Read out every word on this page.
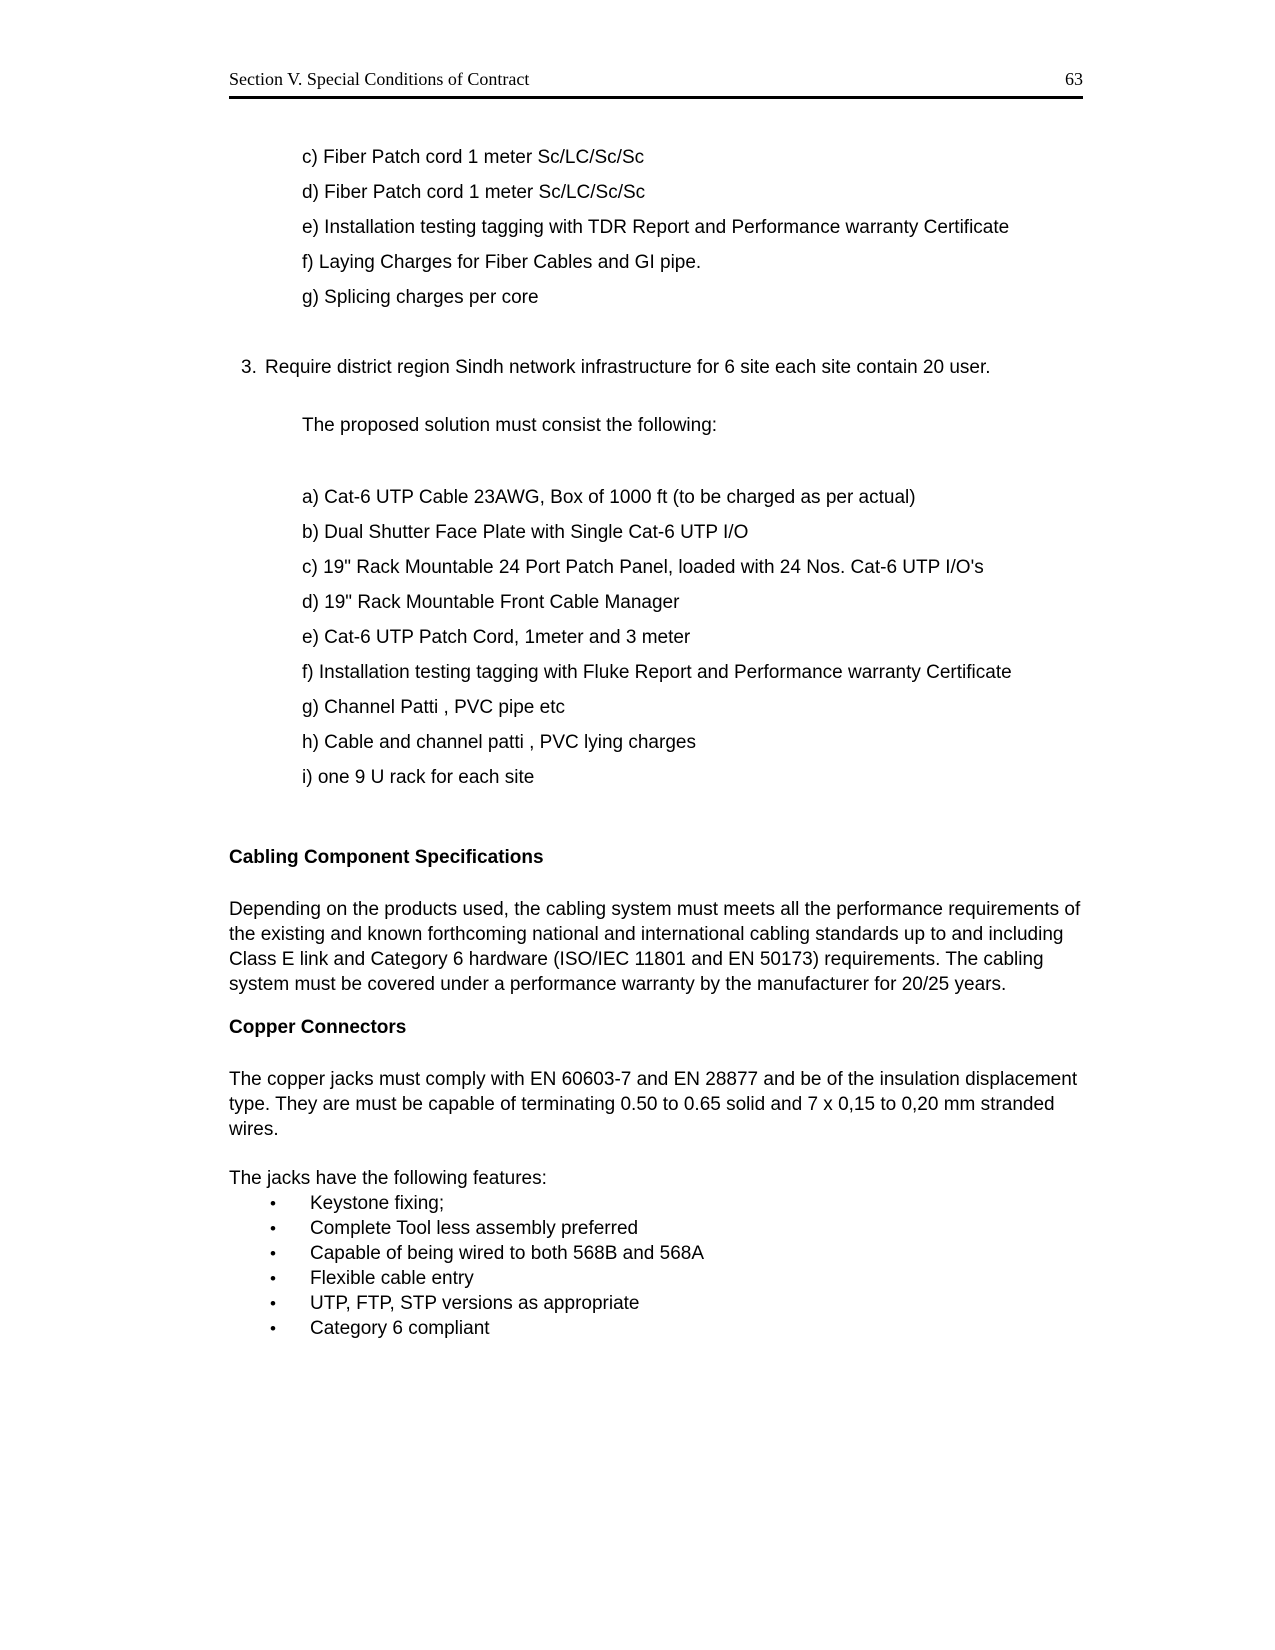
Section V. Special Conditions of Contract	63

c) Fiber Patch cord 1 meter Sc/LC/Sc/Sc

d) Fiber Patch cord 1 meter Sc/LC/Sc/Sc

e) Installation testing tagging with TDR Report and Performance warranty Certificate

f) Laying Charges for Fiber Cables and GI pipe.

g) Splicing charges per core

3. Require district region Sindh network infrastructure for 6 site each site contain 20 user.

The proposed solution must consist the following:

a) Cat-6 UTP Cable 23AWG, Box of 1000 ft (to be charged as per actual)

b) Dual Shutter Face Plate with Single Cat-6 UTP I/O

c) 19" Rack Mountable 24 Port Patch Panel, loaded with 24 Nos. Cat-6 UTP I/O's

d) 19" Rack Mountable Front Cable Manager

e) Cat-6 UTP Patch Cord, 1meter and 3 meter

f) Installation testing tagging with Fluke Report and Performance warranty Certificate

g) Channel Patti , PVC pipe etc

h) Cable and channel patti , PVC lying charges

i) one 9 U rack for each site

Cabling Component Specifications

Depending on the products used, the cabling system must meets all the performance requirements of the existing and known forthcoming national and international cabling standards up to and including Class E link and Category 6 hardware (ISO/IEC 11801 and EN 50173) requirements. The cabling system must be covered under a performance warranty by the manufacturer for 20/25 years.

Copper Connectors

The copper jacks must comply with EN 60603-7 and EN 28877 and be of the insulation displacement type. They are must be capable of terminating 0.50 to 0.65 solid and 7 x 0,15 to 0,20 mm stranded wires.

The jacks have the following features:

•	Keystone fixing;
•	Complete Tool less assembly preferred
•	Capable of being wired to both 568B and 568A
•	Flexible cable entry
•	UTP, FTP, STP versions as appropriate
•	Category 6 compliant
